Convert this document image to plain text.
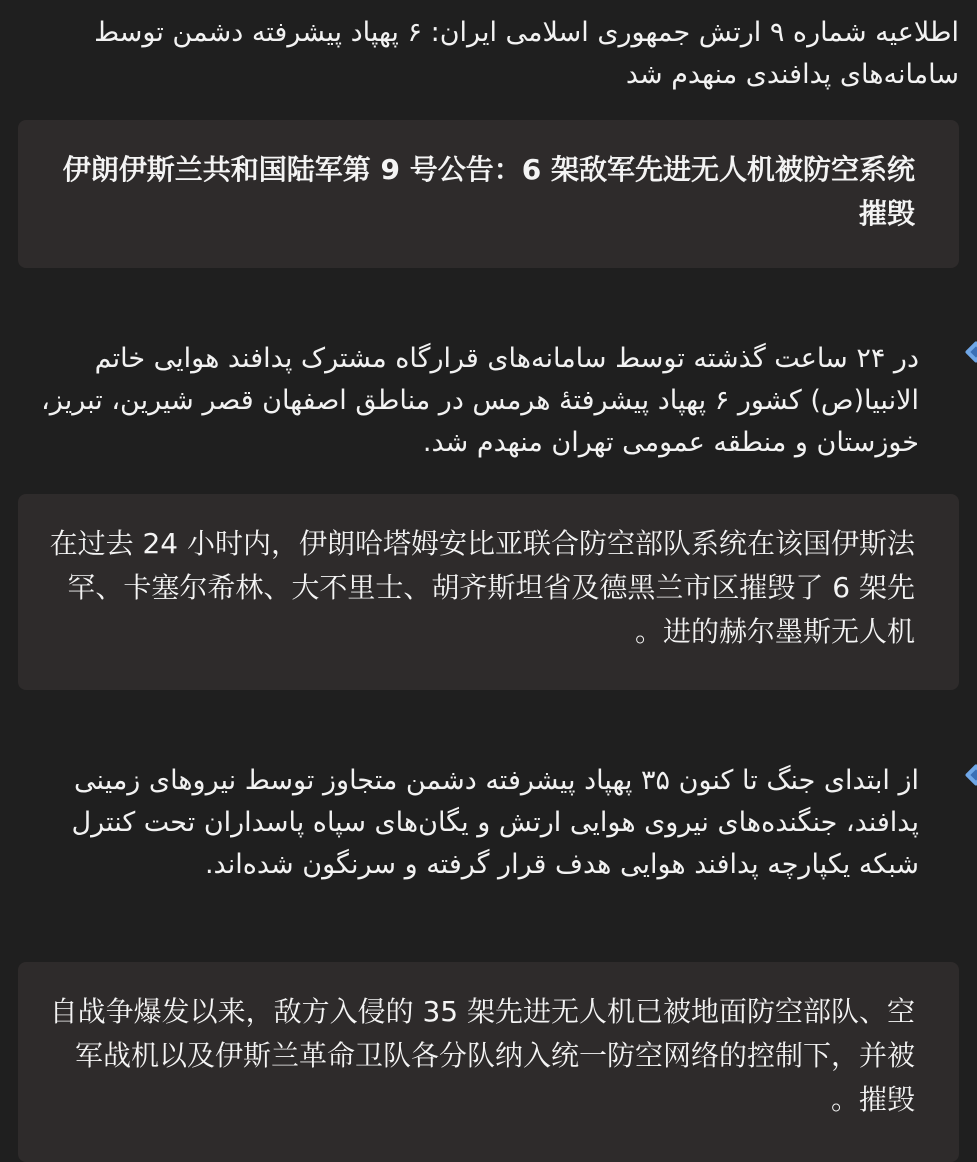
اطلاعیه شماره ۹ ارتش جمهوری اسلامی ایران: ۶ پهپاد پیشرفته دشمن توسط سامانه‌های پدافندی منهدم شد

伊朗伊斯兰共和国陆军第 9 号公告：6 架敌军先进无人机被防空系统摧毁

در ۲۴ ساعت گذشته توسط سامانه‌های قرارگاه مشترک پدافند هوایی خاتم الانبیا(ص) کشور ۶ پهپاد پیشرفتهٔ هرمس در مناطق اصفهان قصر شیرین، تبریز، خوزستان و منطقه عمومی تهران منهدم شد.

在过去 24 小时内，伊朗哈塔姆安比亚联合防空部队系统在该国伊斯法罕、卡塞尔希林、大不里士、胡齐斯坦省及德黑兰市区摧毁了 6 架先进的赫尔墨斯无人机。

از ابتدای جنگ تا کنون ۳۵ پهپاد پیشرفته دشمن متجاوز توسط نیروهای زمینی پدافند، جنگنده‌های نیروی هوایی ارتش و یگان‌های سپاه پاسداران تحت کنترل شبکه یکپارچه پدافند هوایی هدف قرار گرفته و سرنگون شده‌اند.

自战争爆发以来，敌方入侵的 35 架先进无人机已被地面防空部队、空军战机以及伊斯兰革命卫队各分队纳入统一防空网络的控制下，并被摧毁。
